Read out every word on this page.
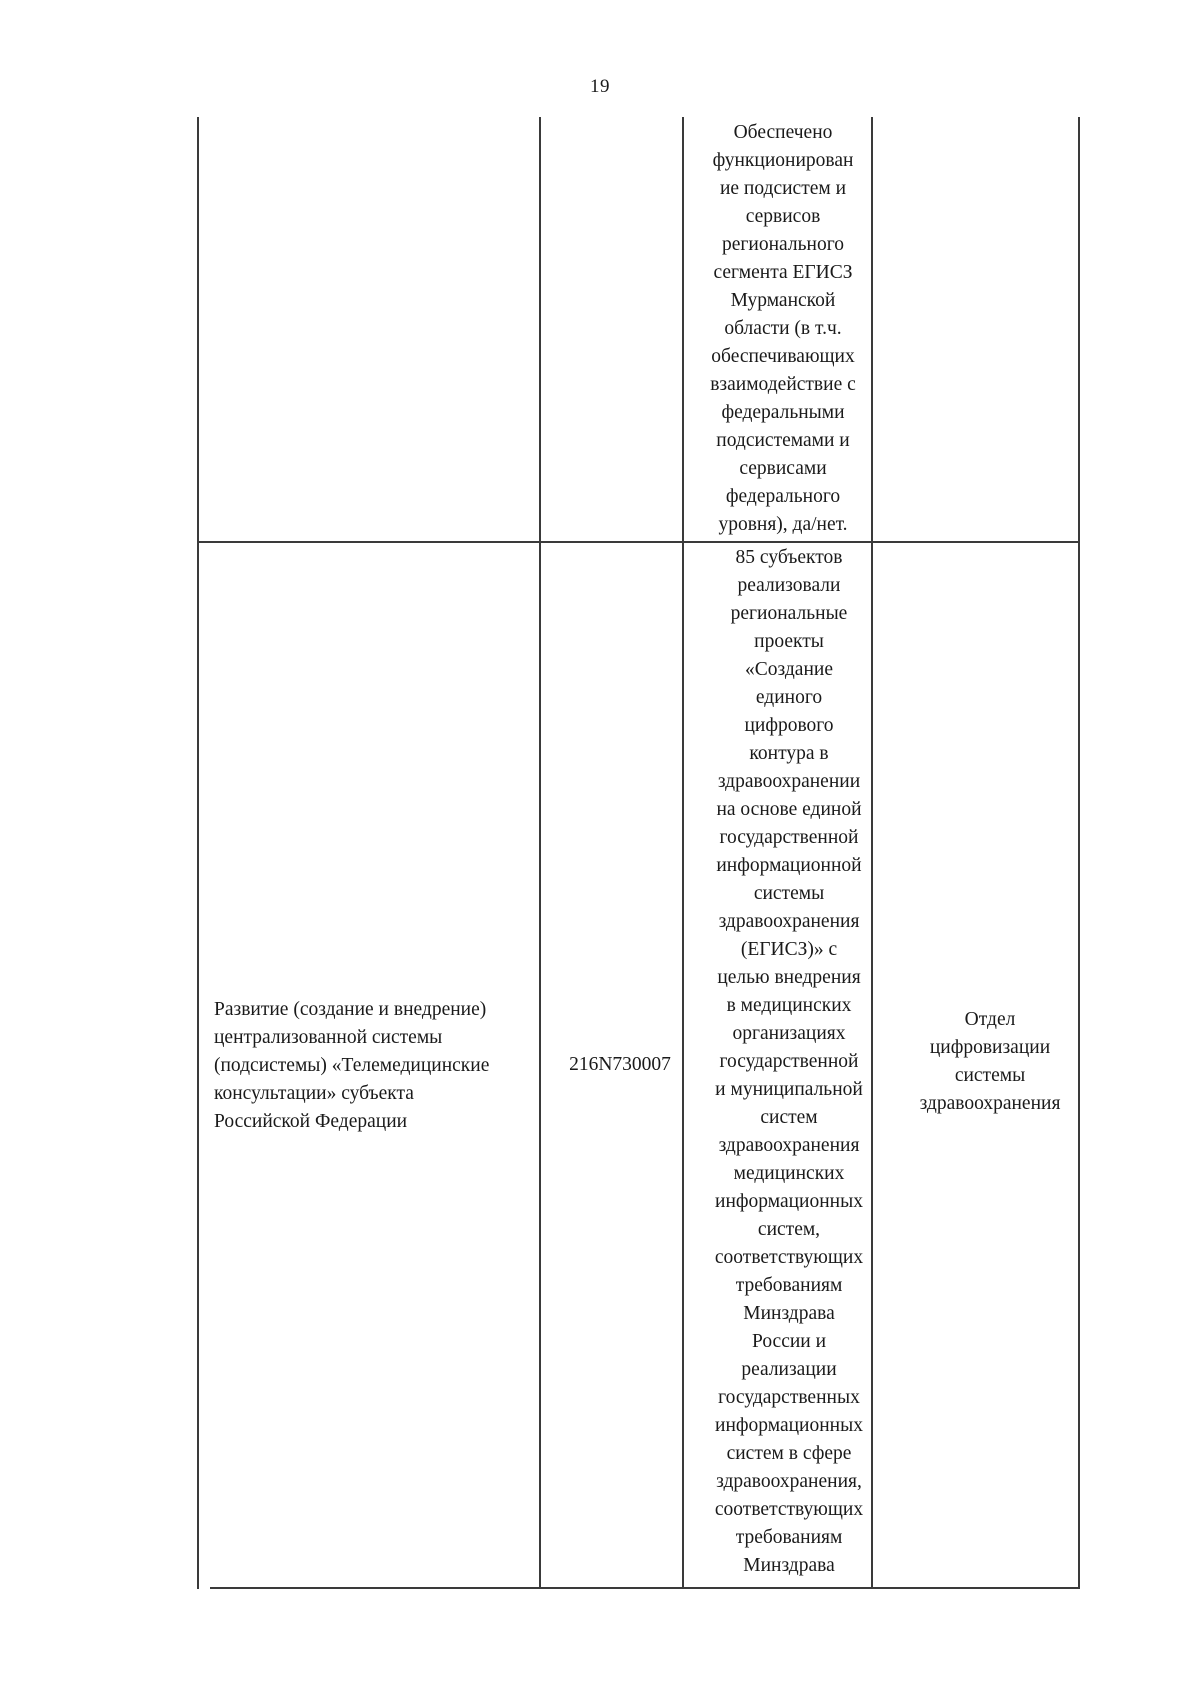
19
Обеспечено
функционирован
ие подсистем и
сервисов
регионального
сегмента ЕГИСЗ
Мурманской
области (в т.ч.
обеспечивающих
взаимодействие с
федеральными
подсистемами и
сервисами
федерального
уровня), да/нет.
Развитие (создание и внедрение)
централизованной системы
(подсистемы) «Телемедицинские
консультации» субъекта
Российской Федерации
216N730007
85 субъектов
реализовали
региональные
проекты
«Создание
единого
цифрового
контура в
здравоохранении
на основе единой
государственной
информационной
системы
здравоохранения
(ЕГИСЗ)» с
целью внедрения
в медицинских
организациях
государственной
и муниципальной
систем
здравоохранения
медицинских
информационных
систем,
соответствующих
требованиям
Минздрава
России и
реализации
государственных
информационных
систем в сфере
здравоохранения,
соответствующих
требованиям
Минздрава
Отдел
цифровизации
системы
здравоохранения
